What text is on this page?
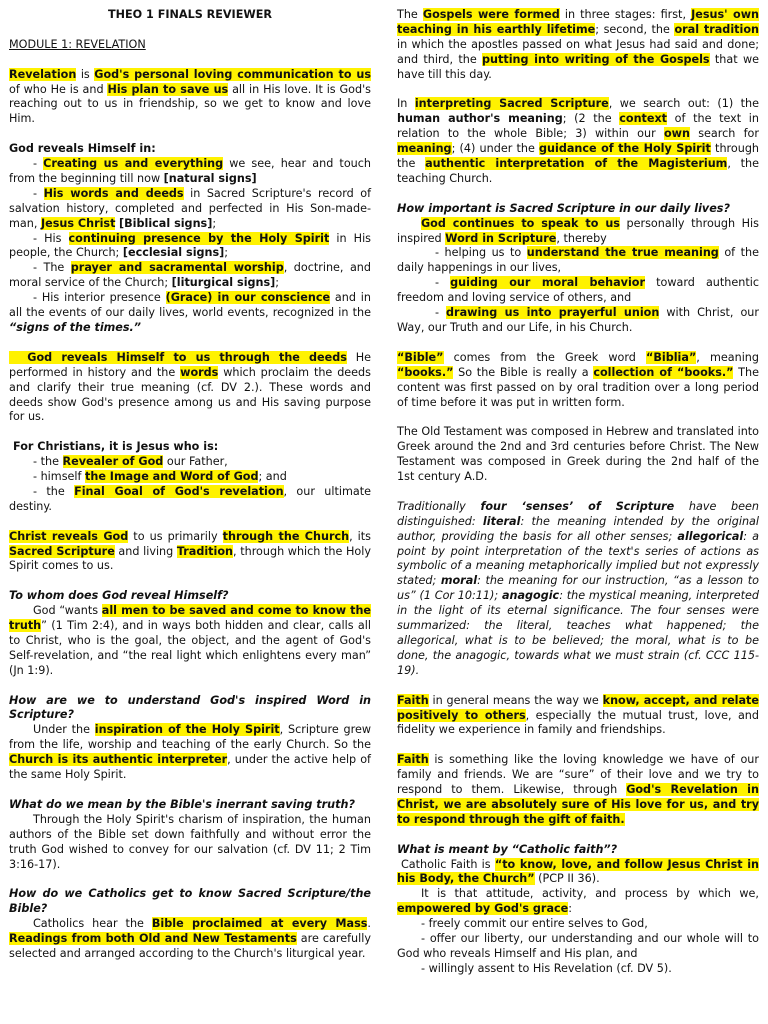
THEO 1 FINALS REVIEWER

MODULE 1: REVELATION

Revelation is God's personal loving communication to us of who He is and His plan to save us all in His love. It is God's reaching out to us in friendship, so we get to know and love Him.

God reveals Himself in:

- Creating us and everything we see, hear and touch from the beginning till now [natural signs]

- His words and deeds in Sacred Scripture's record of salvation history, completed and perfected in His Son-made-man, Jesus Christ [Biblical signs];

- His continuing presence by the Holy Spirit in His people, the Church; [ecclesial signs];

- The prayer and sacramental worship, doctrine, and moral service of the Church; [liturgical signs];

- His interior presence (Grace) in our conscience and in all the events of our daily lives, world events, recognized in the “signs of the times.”

God reveals Himself to us through the deeds He performed in history and the words which proclaim the deeds and clarify their true meaning (cf. DV 2.). These words and deeds show God's presence among us and His saving purpose for us.

For Christians, it is Jesus who is:

- the Revealer of God our Father,

- himself the Image and Word of God; and

- the Final Goal of God's revelation, our ultimate destiny.

Christ reveals God to us primarily through the Church, its Sacred Scripture and living Tradition, through which the Holy Spirit comes to us.

To whom does God reveal Himself?

God “wants all men to be saved and come to know the truth” (1 Tim 2:4), and in ways both hidden and clear, calls all to Christ, who is the goal, the object, and the agent of God's Self-revelation, and “the real light which enlightens every man” (Jn 1:9).

How are we to understand God's inspired Word in Scripture?

Under the inspiration of the Holy Spirit, Scripture grew from the life, worship and teaching of the early Church. So the Church is its authentic interpreter, under the active help of the same Holy Spirit.

What do we mean by the Bible's inerrant saving truth?

Through the Holy Spirit's charism of inspiration, the human authors of the Bible set down faithfully and without error the truth God wished to convey for our salvation (cf. DV 11; 2 Tim 3:16-17).

How do we Catholics get to know Sacred Scripture/the Bible?

Catholics hear the Bible proclaimed at every Mass. Readings from both Old and New Testaments are carefully selected and arranged according to the Church's liturgical year.

The Gospels were formed in three stages: first, Jesus' own teaching in his earthly lifetime; second, the oral tradition in which the apostles passed on what Jesus had said and done; and third, the putting into writing of the Gospels that we have till this day.

In interpreting Sacred Scripture, we search out: (1) the human author's meaning; (2 the context of the text in relation to the whole Bible; 3) within our own search for meaning; (4) under the guidance of the Holy Spirit through the authentic interpretation of the Magisterium, the teaching Church.

How important is Sacred Scripture in our daily lives?

God continues to speak to us personally through His inspired Word in Scripture, thereby

- helping us to understand the true meaning of the daily happenings in our lives,

- guiding our moral behavior toward authentic freedom and loving service of others, and

- drawing us into prayerful union with Christ, our Way, our Truth and our Life, in his Church.

“Bible” comes from the Greek word “Biblia”, meaning “books.” So the Bible is really a collection of “books.” The content was first passed on by oral tradition over a long period of time before it was put in written form.

The Old Testament was composed in Hebrew and translated into Greek around the 2nd and 3rd centuries before Christ. The New Testament was composed in Greek during the 2nd half of the 1st century A.D.

Traditionally four ‘senses’ of Scripture have been distinguished: literal: the meaning intended by the original author, providing the basis for all other senses; allegorical: a point by point interpretation of the text's series of actions as symbolic of a meaning metaphorically implied but not expressly stated; moral: the meaning for our instruction, “as a lesson to us” (1 Cor 10:11); anagogic: the mystical meaning, interpreted in the light of its eternal significance. The four senses were summarized: the literal, teaches what happened; the allegorical, what is to be believed; the moral, what is to be done, the anagogic, towards what we must strain (cf. CCC 115-19).

Faith in general means the way we know, accept, and relate positively to others, especially the mutual trust, love, and fidelity we experience in family and friendships.

Faith is something like the loving knowledge we have of our family and friends. We are “sure” of their love and we try to respond to them. Likewise, through God's Revelation in Christ, we are absolutely sure of His love for us, and try to respond through the gift of faith.

What is meant by “Catholic faith”?

Catholic Faith is “to know, love, and follow Jesus Christ in his Body, the Church” (PCP II 36).

It is that attitude, activity, and process by which we, empowered by God's grace:

- freely commit our entire selves to God,

- offer our liberty, our understanding and our whole will to God who reveals Himself and His plan, and

- willingly assent to His Revelation (cf. DV 5).
